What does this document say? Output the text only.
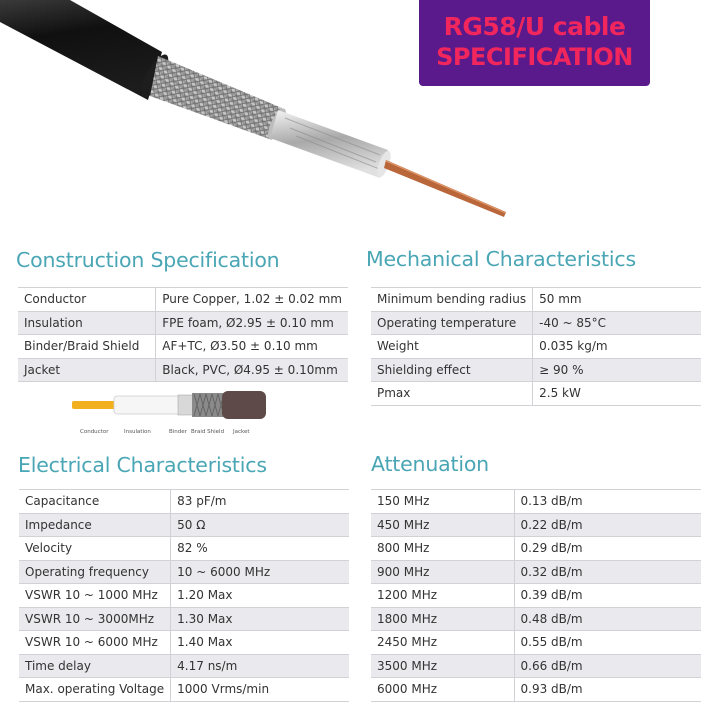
RG58/U cable
SPECIFICATION
Construction Specification
Conductor	Pure Copper, 1.02 ± 0.02 mm
Insulation	FPE foam, Ø2.95 ± 0.10 mm
Binder/Braid Shield	AF+TC, Ø3.50 ± 0.10 mm
Jacket	Black, PVC, Ø4.95 ± 0.10mm
Conductor	Insulation	Binder Braid Shield Jacket
Mechanical Characteristics
Minimum bending radius	50 mm
Operating temperature	-40 ~ 85°C
Weight	0.035 kg/m
Shielding effect	≥ 90 %
Pmax	2.5 kW
Electrical Characteristics
Capacitance	83 pF/m
Impedance	50 Ω
Velocity	82 %
Operating frequency	10 ~ 6000 MHz
VSWR 10 ~ 1000 MHz	1.20 Max
VSWR 10 ~ 3000MHz	1.30 Max
VSWR 10 ~ 6000 MHz	1.40 Max
Time delay	4.17 ns/m
Max. operating Voltage	1000 Vrms/min
Attenuation
150 MHz	0.13 dB/m
450 MHz	0.22 dB/m
800 MHz	0.29 dB/m
900 MHz	0.32 dB/m
1200 MHz	0.39 dB/m
1800 MHz	0.48 dB/m
2450 MHz	0.55 dB/m
3500 MHz	0.66 dB/m
6000 MHz	0.93 dB/m
